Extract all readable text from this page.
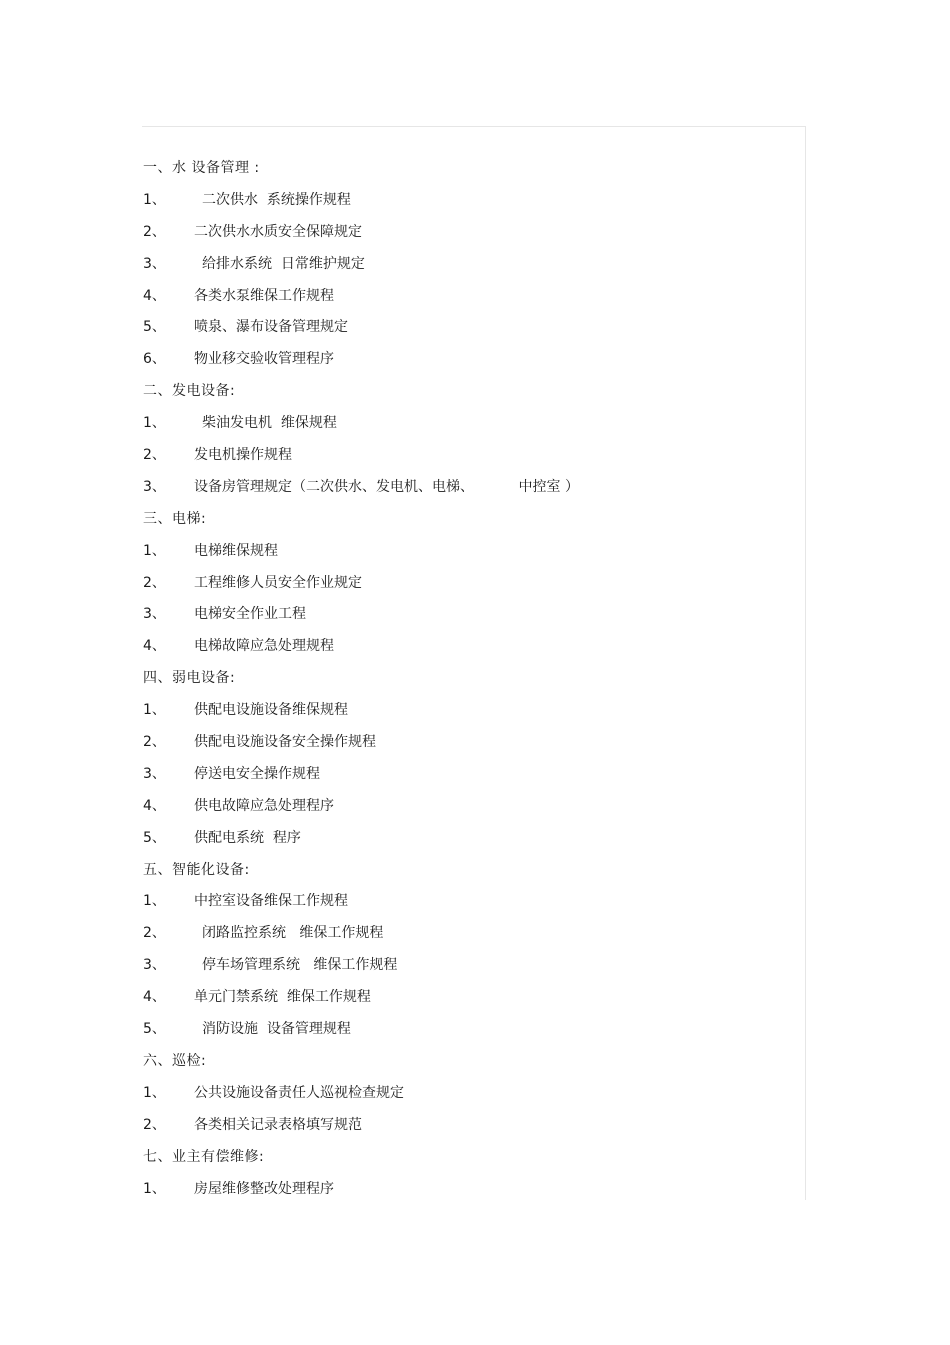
一、水 设备管理 :
1、	二次供水  系统操作规程
2、	二次供水水质安全保障规定
3、	给排水系统  日常维护规定
4、	各类水泵维保工作规程
5、	喷泉、瀑布设备管理规定
6、	物业移交验收管理程序
二、发电设备:
1、	柴油发电机  维保规程
2、	发电机操作规程
3、	设备房管理规定（二次供水、发电机、电梯、          中控室 ）
三、电梯:
1、	电梯维保规程
2、	工程维修人员安全作业规定
3、	电梯安全作业工程
4、	电梯故障应急处理规程
四、弱电设备:
1、	供配电设施设备维保规程
2、	供配电设施设备安全操作规程
3、	停送电安全操作规程
4、	供电故障应急处理程序
5、	供配电系统  程序
五、智能化设备:
1、	中控室设备维保工作规程
2、	闭路监控系统   维保工作规程
3、	停车场管理系统   维保工作规程
4、	单元门禁系统  维保工作规程
5、	消防设施  设备管理规程
六、巡检:
1、	公共设施设备责任人巡视检查规定
2、	各类相关记录表格填写规范
七、业主有偿维修:
1、	房屋维修整改处理程序
